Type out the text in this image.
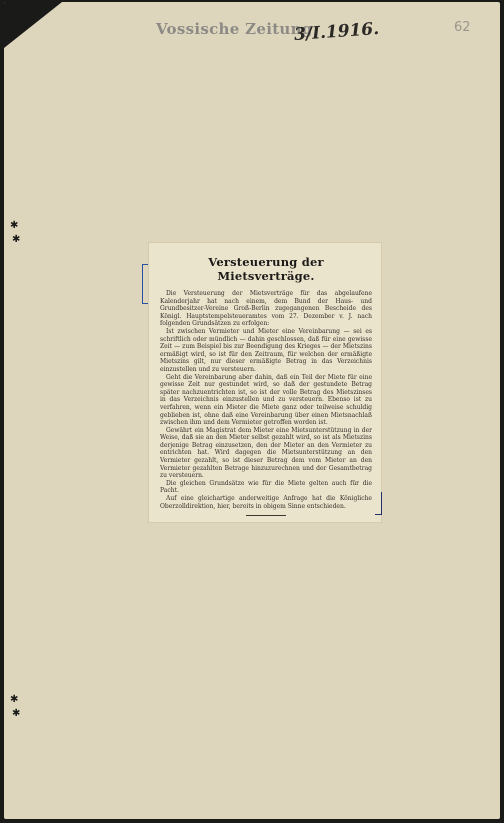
Vossische Zeitung
3/I.1916.	62
✱
✱
✱
✱
Versteuerung der Mietsverträge.

Die Versteuerung der Mietsverträge für das abgelaufene Kalenderjahr hat nach einem, dem Bund der Haus- und Grundbesitzer-Vereine Groß-Berlin zugegangenen Bescheide des Königl. Hauptstempelsteueramtes vom 27. Dezember v. J. nach folgenden Grundsätzen zu erfolgen:

Ist zwischen Vermieter und Mieter eine Vereinbarung — sei es schriftlich oder mündlich — dahin geschlossen, daß für eine gewisse Zeit — zum Beispiel bis zur Beendigung des Krieges — der Mietszins ermäßigt wird, so ist für den Zeitraum, für welchen der ermäßigte Mietszins gilt, nur dieser ermäßigte Betrag in das Verzeichnis einzustellen und zu versteuern.

Geht die Vereinbarung aber dahin, daß ein Teil der Miete für eine gewisse Zeit nur gestundet wird, so daß der gestundete Betrag später nachzuentrichten ist, so ist der volle Betrag des Mietszinses in das Verzeichnis einzustellen und zu versteuern. Ebenso ist zu verfahren, wenn ein Mieter die Miete ganz oder teilweise schuldig geblieben ist, ohne daß eine Vereinbarung über einen Mietsnachlaß zwischen ihm und dem Vermieter getroffen worden ist.

Gewährt ein Magistrat dem Mieter eine Mietsunterstützung in der Weise, daß sie an den Mieter selbst gezahlt wird, so ist als Mietszins derjenige Betrag einzusetzen, den der Mieter an den Vermieter zu entrichten hat. Wird dagegen die Mietsunterstützung an den Vermieter gezahlt, so ist dieser Betrag dem vom Mieter an den Vermieter gezahlten Betrage hinzuzurechnen und der Gesamtbetrag zu versteuern.

Die gleichen Grundsätze wie für die Miete gelten auch für die Pacht.

Auf eine gleichartige anderweitige Anfrage hat die Königliche Oberzolldirektion, hier, bereits in obigem Sinne entschieden.
